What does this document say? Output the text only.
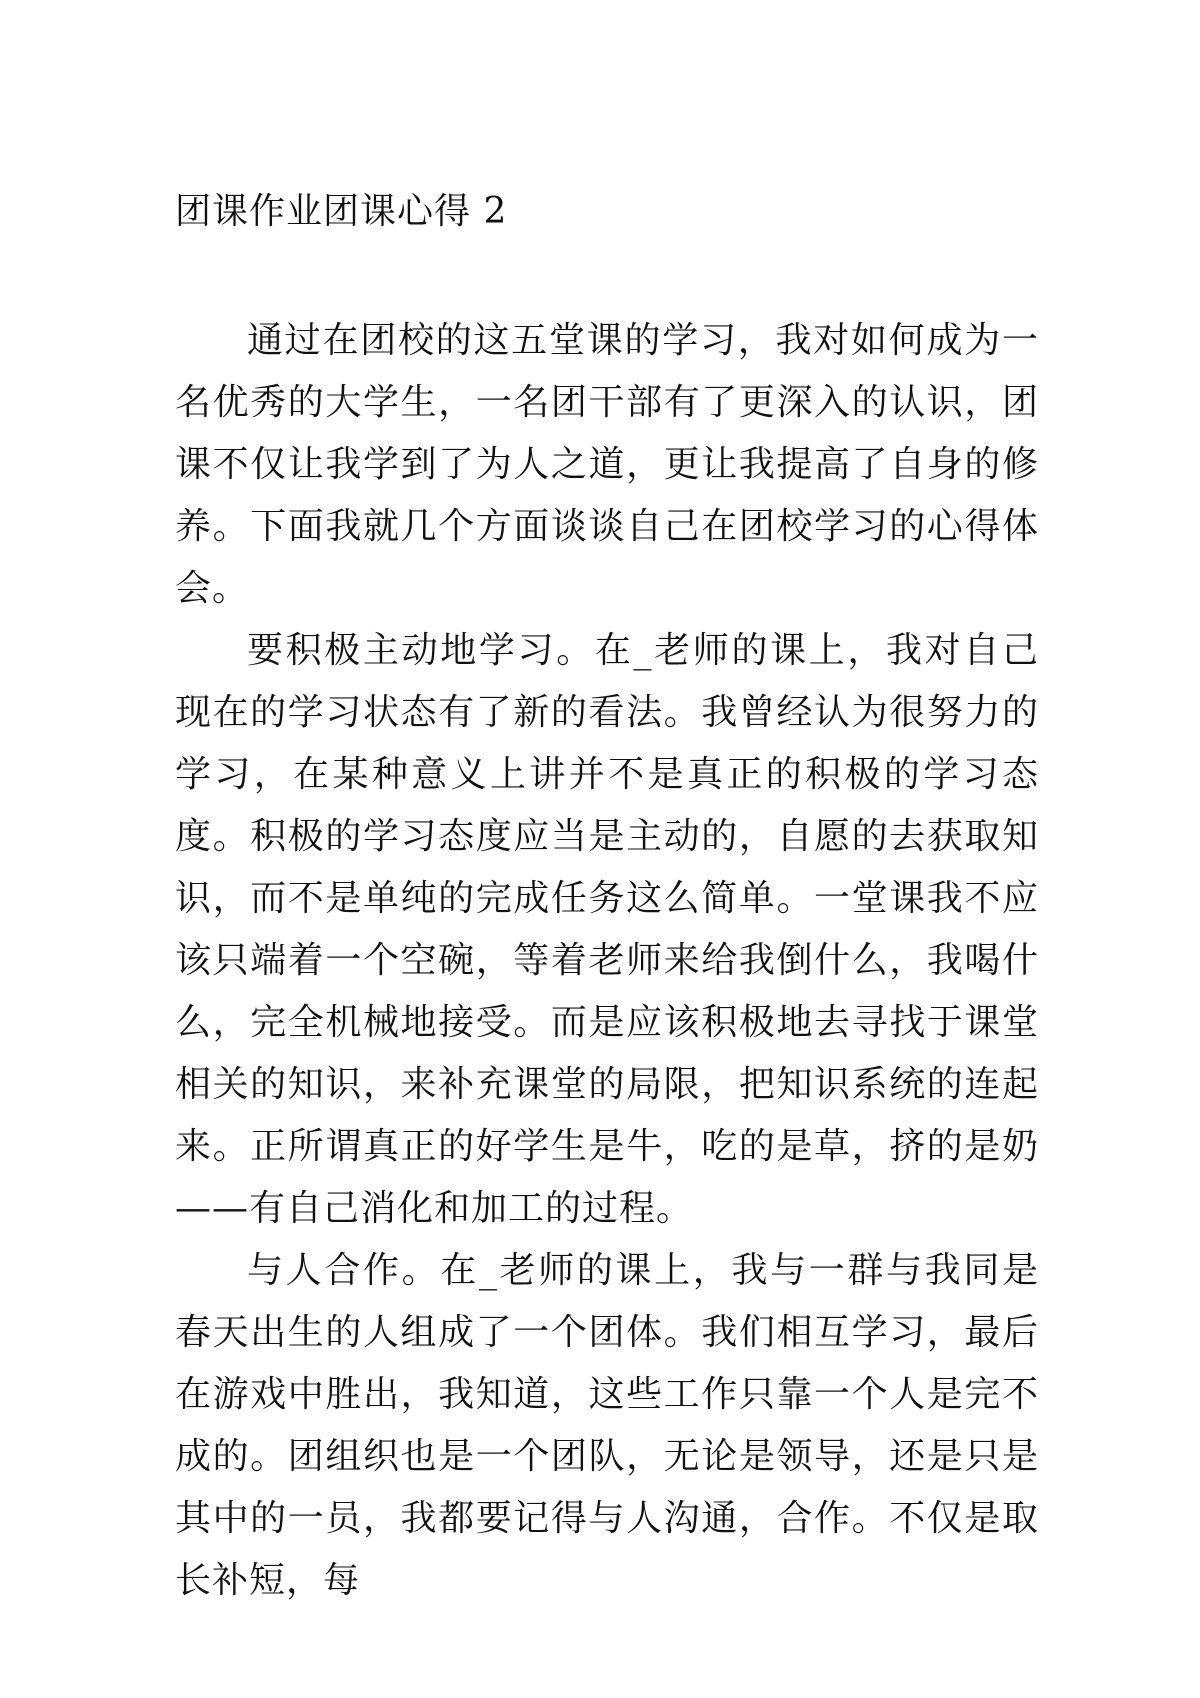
团课作业团课心得 2

通过在团校的这五堂课的学习，我对如何成为一名优秀的大学生，一名团干部有了更深入的认识，团课不仅让我学到了为人之道，更让我提高了自身的修养。下面我就几个方面谈谈自己在团校学习的心得体会。

要积极主动地学习。在_老师的课上，我对自己现在的学习状态有了新的看法。我曾经认为很努力的学习，在某种意义上讲并不是真正的积极的学习态度。积极的学习态度应当是主动的，自愿的去获取知识，而不是单纯的完成任务这么简单。一堂课我不应该只端着一个空碗，等着老师来给我倒什么，我喝什么，完全机械地接受。而是应该积极地去寻找于课堂相关的知识，来补充课堂的局限，把知识系统的连起来。正所谓真正的好学生是牛，吃的是草，挤的是奶——有自己消化和加工的过程。

与人合作。在_老师的课上，我与一群与我同是春天出生的人组成了一个团体。我们相互学习，最后在游戏中胜出，我知道，这些工作只靠一个人是完不成的。团组织也是一个团队，无论是领导，还是只是其中的一员，我都要记得与人沟通，合作。不仅是取长补短，每
